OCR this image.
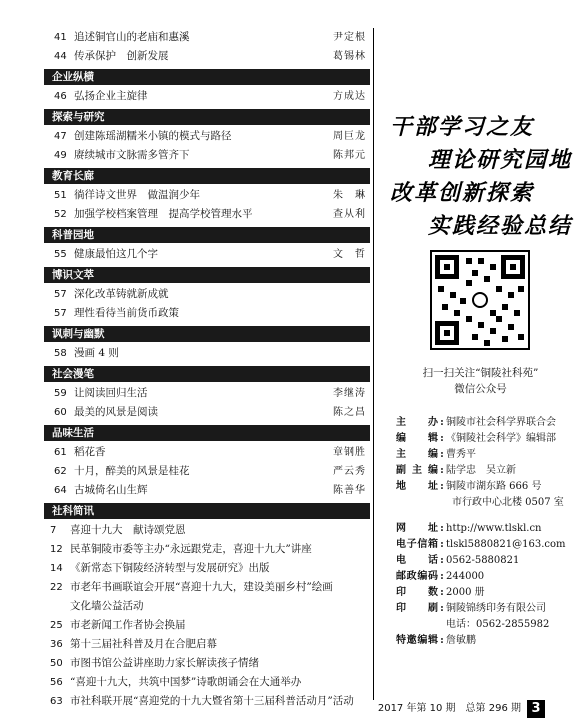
41 追述铜官山的老庙和惠溪	尹定根
44 传承保护　创新发展	葛锡林
企业纵横
46 弘扬企业主旋律	方成达
探索与研究
47 创建陈瑶湖糯米小镇的模式与路径	周巨龙
49 赓续城市文脉需多管齐下	陈邦元
教育长廊
51 徜徉诗文世界　做温润少年	朱　琳
52 加强学校档案管理　提高学校管理水平	查从利
科普园地
55 健康最怕这几个字	文　哲
博识文萃
57 深化改革铸就新成就
57 理性看待当前货币政策
讽刺与幽默
58 漫画 4 则
社会漫笔
59 让阅读回归生活	李继涛
60 最美的风景是阅读	陈之昌
品味生活
61 稻花香	章钢胜
62 十月，醉美的风景是桂花	严云秀
64 古城倚名山生辉	陈善华
社科简讯
7	喜迎十九大　献诗颂党恩
12 民革铜陵市委等主办“永远跟党走，喜迎十九大”讲座
14 《新常态下铜陵经济转型与发展研究》出版
22 市老年书画联谊会开展“喜迎十九大，建设美丽乡村”绘画
文化墙公益活动
25 市老新闻工作者协会换届
36 第十三届社科普及月在合肥启幕
50 市图书馆公益讲座助力家长解读孩子情绪
56 “喜迎十九大，共筑中国梦”诗歌朗诵会在大通举办
63 市社科联开展“喜迎党的十九大暨省第十三届科普活动月”活动
干部学习之友
理论研究园地
改革创新探索
实践经验总结
扫一扫关注“铜陵社科苑”
微信公众号
主　办 : 铜陵市社会科学界联合会
编　辑 : 《铜陵社会科学》编辑部
主　编 : 曹秀平
副主编 : 陆学忠　吴立新
地　址 : 铜陵市湖东路 666 号
市行政中心北楼 0507 室
网　址 : http://www.tlskl.cn
电子信箱 : tlskl5880821@163.com
电　话 : 0562-5880821
邮政编码 : 244000
印　数 : 2000 册
印　刷 : 铜陵锦绣印务有限公司
电话：0562-2855982
特邀编辑 : 詹敏鹏
2017 年第 10 期　总第 296 期 3
